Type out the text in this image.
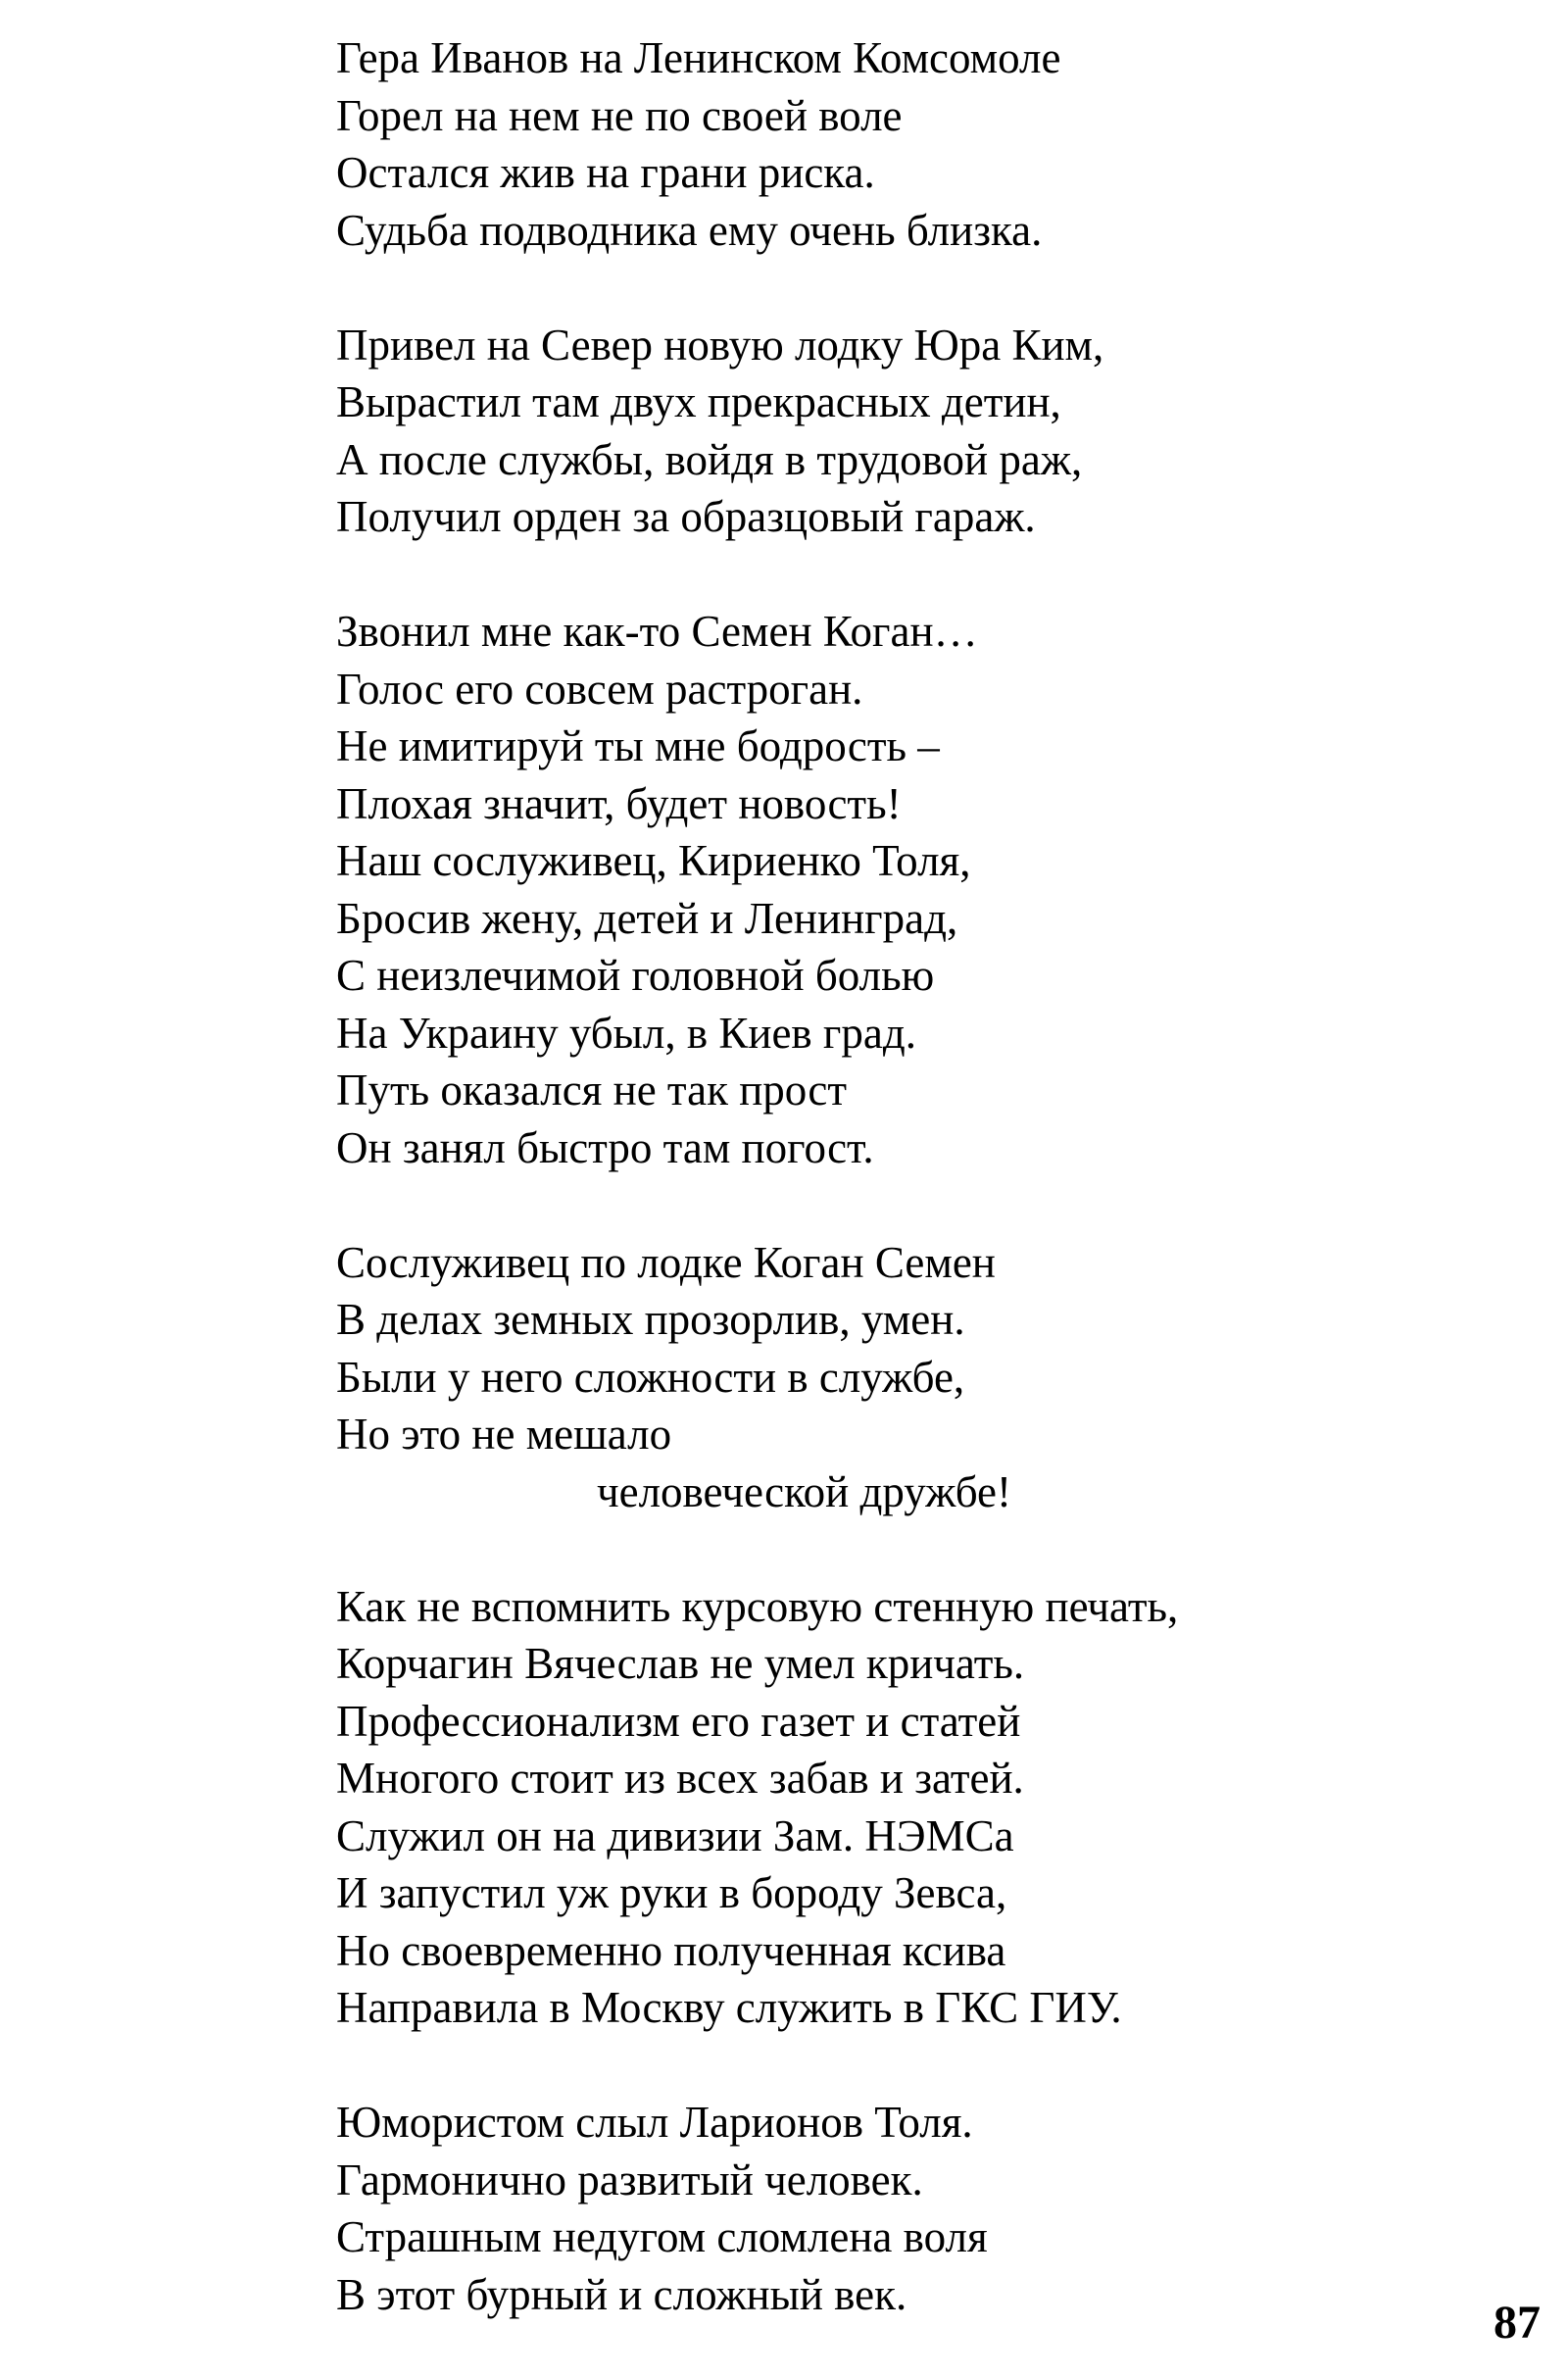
Гера Иванов на Ленинском Комсомоле
Горел на нем не по своей воле
Остался жив на грани риска.
Судьба подводника ему очень близка.
Привел на Север новую лодку Юра Ким,
Вырастил там двух прекрасных детин,
А после службы, войдя в трудовой раж,
Получил орден за образцовый гараж.
Звонил мне как-то Семен Коган…
Голос его совсем растроган.
Не имитируй ты мне бодрость –
Плохая значит, будет новость!
Наш сослуживец, Кириенко Толя,
Бросив жену, детей и Ленинград,
С неизлечимой головной болью
На Украину убыл, в Киев град.
Путь оказался не так прост
Он занял быстро там погост.
Сослуживец по лодке Коган Семен
В делах земных прозорлив, умен.
Были у него сложности в службе,
Но это не мешало
человеческой дружбе!
Как не вспомнить курсовую стенную печать,
Корчагин Вячеслав не умел кричать.
Профессионализм его газет и статей
Многого стоит из всех забав и затей.
Служил он на дивизии Зам. НЭМСа
И запустил уж руки в бороду Зевса,
Но своевременно полученная ксива
Направила в Москву служить в ГКС ГИУ.
Юмористом слыл Ларионов Толя.
Гармонично развитый человек.
Страшным недугом сломлена воля
В этот бурный и сложный век.
87
